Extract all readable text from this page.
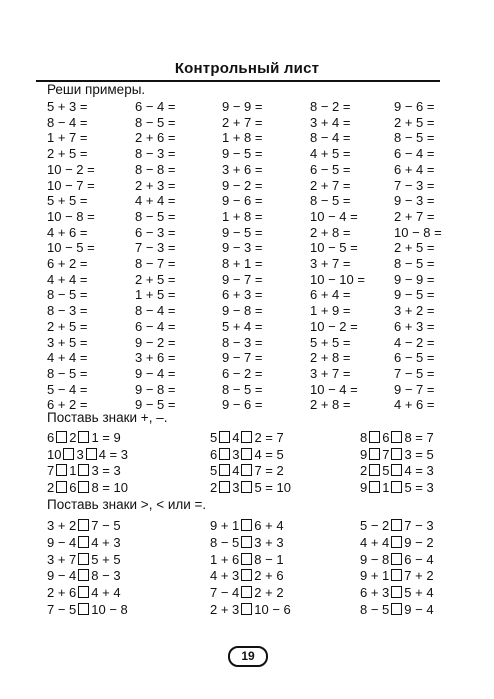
Контрольный лист
Реши примеры.
5 + 3 =	6 − 4 =	9 − 9 =	8 − 2 =	9 − 6 =
8 − 4 =	8 − 5 =	2 + 7 =	3 + 4 =	2 + 5 =
1 + 7 =	2 + 6 =	1 + 8 =	8 − 4 =	8 − 5 =
2 + 5 =	8 − 3 =	9 − 5 =	4 + 5 =	6 − 4 =
10 − 2 =	8 − 8 =	3 + 6 =	6 − 5 =	6 + 4 =
10 − 7 =	2 + 3 =	9 − 2 =	2 + 7 =	7 − 3 =
5 + 5 =	4 + 4 =	9 − 6 =	8 − 5 =	9 − 3 =
10 − 8 =	8 − 5 =	1 + 8 =	10 − 4 =	2 + 7 =
4 + 6 =	6 − 3 =	9 − 5 =	2 + 8 =	10 − 8 =
10 − 5 =	7 − 3 =	9 − 3 =	10 − 5 =	2 + 5 =
6 + 2 =	8 − 7 =	8 + 1 =	3 + 7 =	8 − 5 =
4 + 4 =	2 + 5 =	9 − 7 =	10 − 10 = 9 − 9 =
8 − 5 =	1 + 5 =	6 + 3 =	6 + 4 =	9 − 5 =
8 − 3 =	8 − 4 =	9 − 8 =	1 + 9 =	3 + 2 =
2 + 5 =	6 − 4 =	5 + 4 =	10 − 2 =	6 + 3 =
3 + 5 =	9 − 2 =	8 − 3 =	5 + 5 =	4 − 2 =
4 + 4 =	3 + 6 =	9 − 7 =	2 + 8 =	6 − 5 =
8 − 5 =	9 − 4 =	6 − 2 =	3 + 7 =	7 − 5 =
5 − 4 =	9 − 8 =	8 − 5 =	10 − 4 =	9 − 7 =
6 + 2 =	9 − 5 =	9 − 6 =	2 + 8 =	4 + 6 =
Поставь знаки +, –.
6 2 1 = 9	5 4 2 = 7	8 6 8 = 7
10 3 4 = 3	6 3 4 = 5	9 7 3 = 5
7 1 3 = 3	5 4 7 = 2	2 5 4 = 3
2 6 8 = 10	2 3 5 = 10	9 1 5 = 3
Поставь знаки >, < или =.
3 + 2 7 − 5	9 + 1 6 + 4	5 − 2 7 − 3
9 − 4 4 + 3	8 − 5 3 + 3	4 + 4 9 − 2
3 + 7 5 + 5	1 + 6 8 − 1	9 − 8 6 − 4
9 − 4 8 − 3	4 + 3 2 + 6	9 + 1 7 + 2
2 + 6 4 + 4	7 − 4 2 + 2	6 + 3 5 + 4
7 − 5 10 − 8	2 + 3 10 − 6	8 − 5 9 − 4
19
